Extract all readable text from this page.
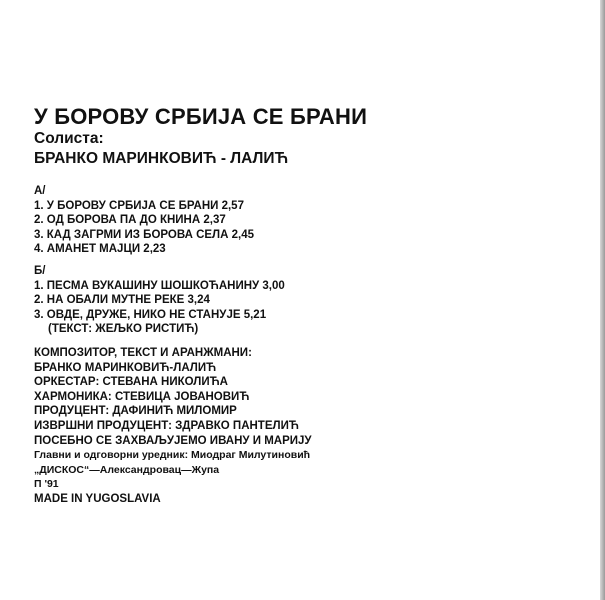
У БОРОВУ СРБИЈА СЕ БРАНИ
Солиста:
БРАНКО МАРИНКОВИЋ - ЛАЛИЋ
А/
1. У БОРОВУ СРБИЈА СЕ БРАНИ 2,57
2. ОД БОРОВА ПА ДО КНИНА 2,37
3. КАД ЗАГРМИ ИЗ БОРОВА СЕЛА 2,45
4. АМАНЕТ МАЈЦИ 2,23
Б/
1. ПЕСМА ВУКАШИНУ ШОШКОЋАНИНУ 3,00
2. НА ОБАЛИ МУТНЕ РЕКЕ 3,24
3. ОВДЕ, ДРУЖЕ, НИКО НЕ СТАНУЈЕ 5,21
(ТЕКСТ: ЖЕЉКО РИСТИЋ)
КОМПОЗИТОР, ТЕКСТ И АРАНЖМАНИ:
БРАНКО МАРИНКОВИЋ-ЛАЛИЋ
ОРКЕСТАР: СТЕВАНА НИКОЛИЋА
ХАРМОНИКА: СТЕВИЦА ЈОВАНОВИЋ
ПРОДУЦЕНТ: ДАФИНИЋ МИЛОМИР
ИЗВРШНИ ПРОДУЦЕНТ: ЗДРАВКО ПАНТЕЛИЋ
ПОСЕБНО СЕ ЗАХВАЉУЈЕМО ИВАНУ И МАРИЈУ
Главни и одговорни уредник: Миодраг Милутиновић
„ДИСКОС“—Александровац—Жупа
П '91
MADE IN YUGOSLAVIA
